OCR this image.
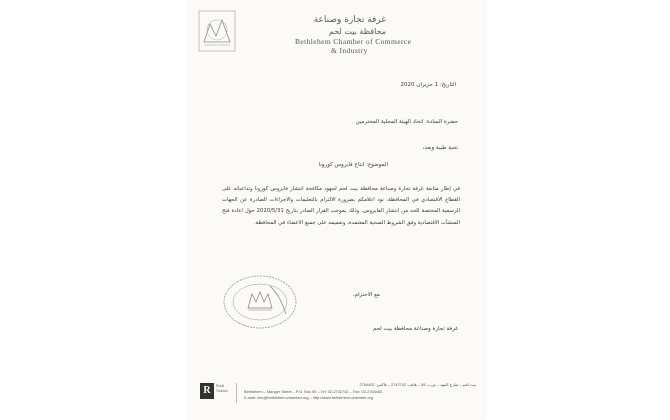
غرفة تجارة وصناعة
محافظة بيت لحم
Bethlehem Chamber of Commerce
& Industry
التاريخ: 1 حزيران 2020
حضرة السادة: اتحاد الهيئة المحلية المحترمين
تحية طيبة وبعد،
الموضوع: انتاج فايروس كورونا
في إطار متابعة غرفة تجارة وصناعة محافظة بيت لحم لجهود مكافحة انتشار فايروس كورونا وتداعياته على القطاع الاقتصادي في المحافظة، نود اعلامكم بضرورة الالتزام بالتعليمات والاجراءات الصادرة عن الجهات الرسمية المختصة للحد من انتشار الفايروس، وذلك بموجب القرار الصادر بتاريخ 2020/5/31 حول اعادة فتح المنشآت الاقتصادية وفق الشروط الصحية المعتمدة، وتعميمه على جميع الاعضاء في المحافظة.
مع الاحترام،
غرفة تجارة وصناعة محافظة بيت لحم
R	Rural Tourism
بيت لحم – شارع المهد – ص.ب 59 – هاتف: 2742742 – فاكس: 2764402
Bethlehem – Manger Street – P.O. Box 59 – Tel: 02-2742742 – Fax: 02-2764402
E-mail: info@bethlehem-chamber.org – http://www.bethlehem-chamber.org
